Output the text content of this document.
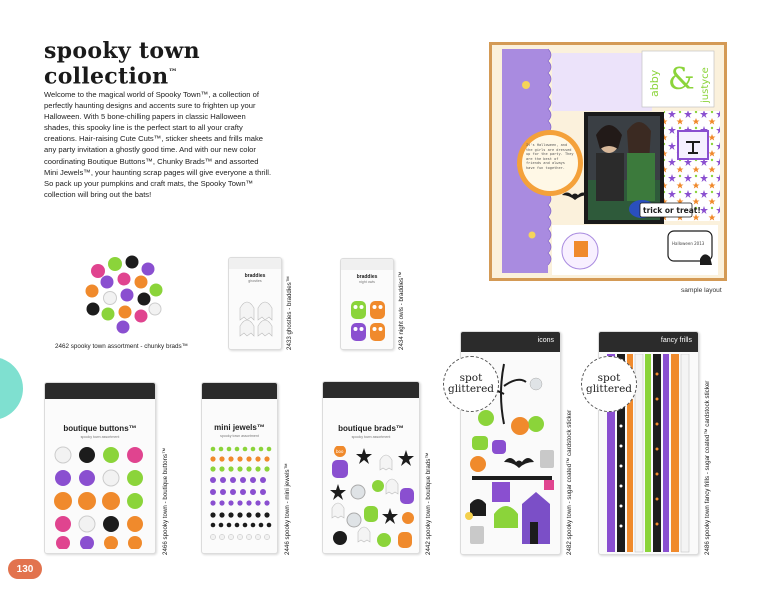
spooky town
collection™

Welcome to the magical world of Spooky Town™, a collection of perfectly haunting designs and accents sure to frighten up your Halloween. With 5 bone-chilling papers in classic Halloween shades, this spooky line is the perfect start to all your crafty creations. Hair-raising Cute Cuts™, sticker sheets and frills make any party invitation a ghostly good time. And with our new color coordinating Boutique Buttons™, Chunky Brads™ and assorted Mini Jewels™, your haunting scrap pages will give everyone a thrill. So pack up your pumpkins and craft mats, the Spooky Town™ collection will bring out the bats!

abby & justyce
It's Halloween, and the girls are dressed up for the party. They are the best of friends and always have fun together.
trick or treat!
Halloween 2013
sample layout
2462 spooky town assortment - chunky brads™
braddies
ghosties	2433 ghosties - braddies™	braddies
night owls	2434 night owls - braddies™
boutique buttons™
spooky town assortment
2466 spooky town - boutique buttons™
mini jewels™
spooky town assortment
2446 spooky town - mini jewels™
boutique brads™
spooky town assortment
boo
2442 spooky town - boutique brads™
icons
spot
glittered
2482 spooky town - sugar coated™ cardstock sticker
fancy frills
spot
glittered	2486 spooky town fancy frills - sugar coated™ cardstock sticker
130
